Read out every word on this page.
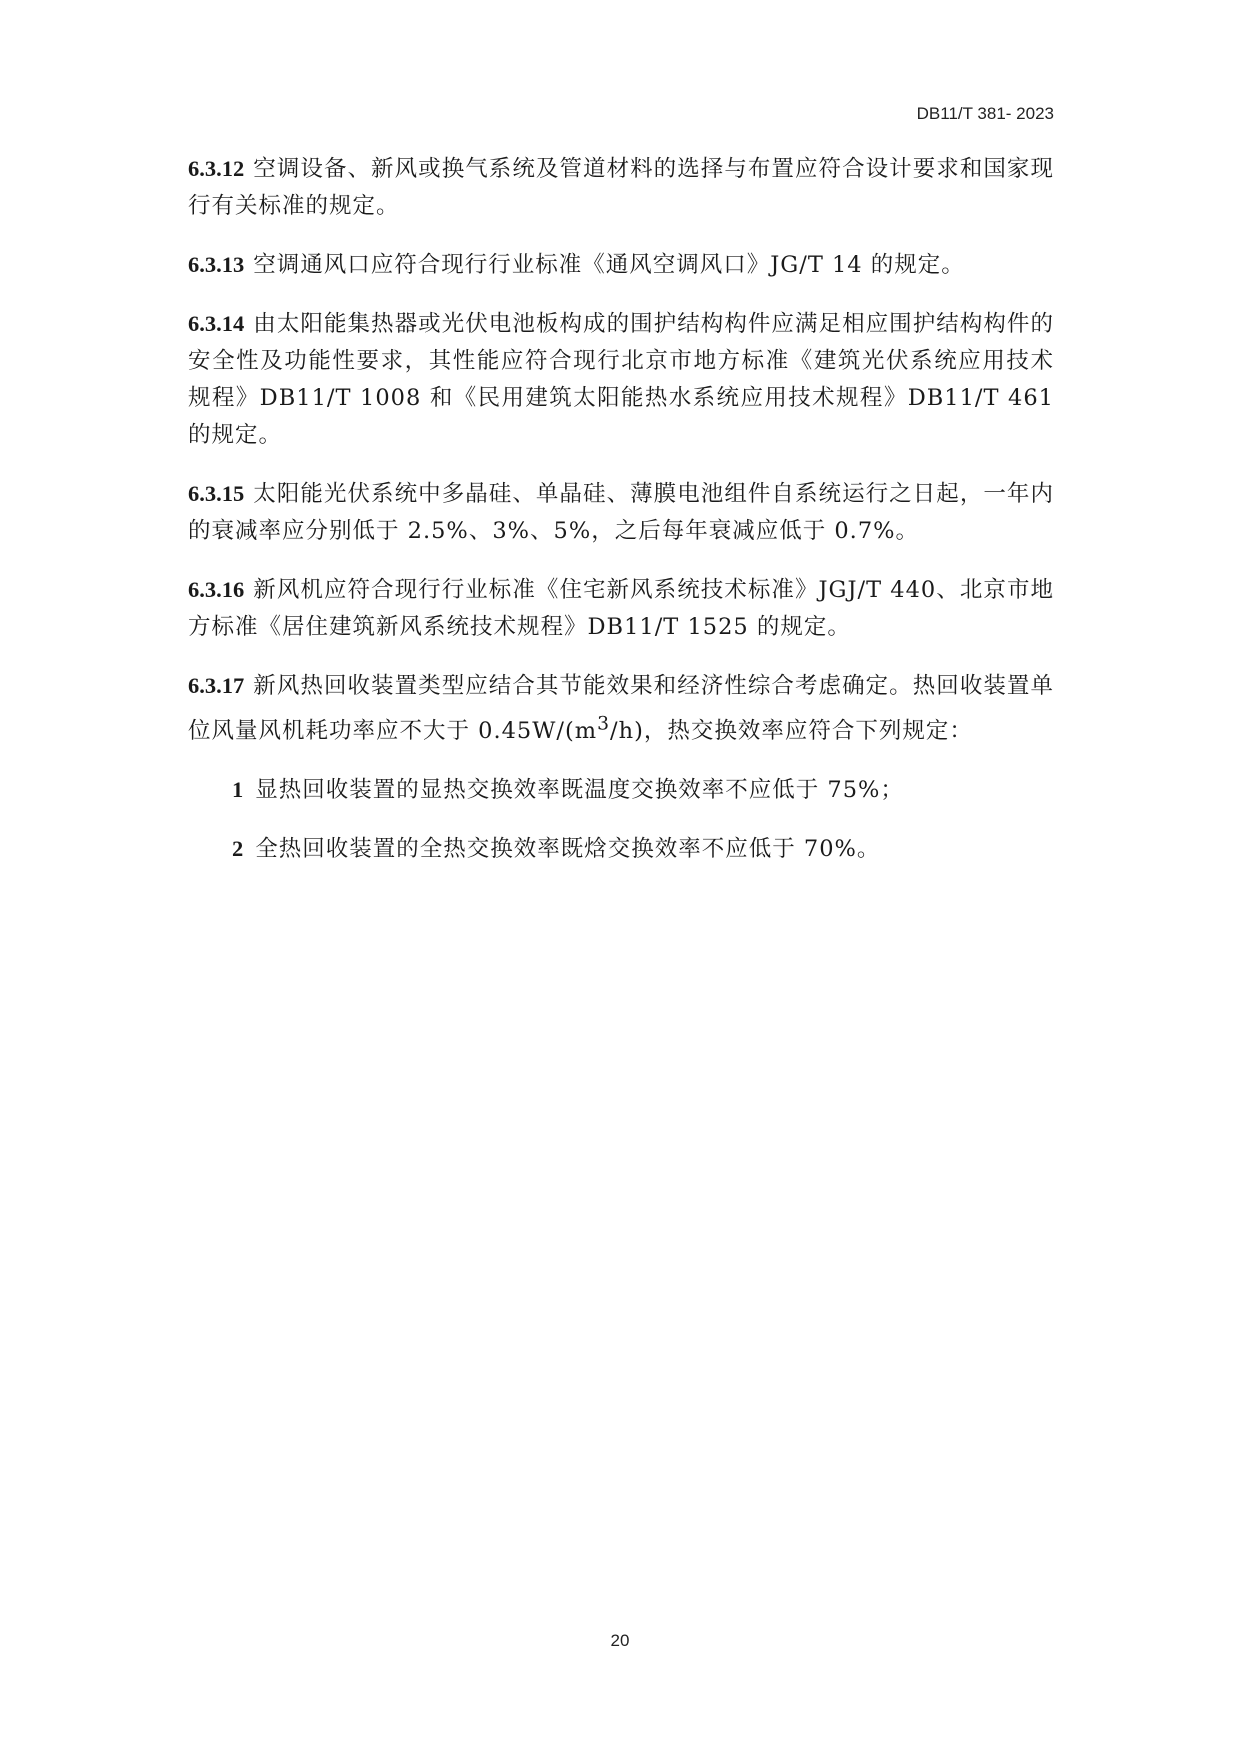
DB11/T 381- 2023

6.3.12 空调设备、新风或换气系统及管道材料的选择与布置应符合设计要求和国家现行有关标准的规定。

6.3.13 空调通风口应符合现行行业标准《通风空调风口》JG/T 14 的规定。

6.3.14 由太阳能集热器或光伏电池板构成的围护结构构件应满足相应围护结构构件的安全性及功能性要求，其性能应符合现行北京市地方标准《建筑光伏系统应用技术规程》DB11/T 1008 和《民用建筑太阳能热水系统应用技术规程》DB11/T 461 的规定。

6.3.15 太阳能光伏系统中多晶硅、单晶硅、薄膜电池组件自系统运行之日起，一年内的衰减率应分别低于 2.5%、3%、5%，之后每年衰减应低于 0.7%。

6.3.16 新风机应符合现行行业标准《住宅新风系统技术标准》JGJ/T 440、北京市地方标准《居住建筑新风系统技术规程》DB11/T 1525 的规定。

6.3.17 新风热回收装置类型应结合其节能效果和经济性综合考虑确定。热回收装置单位风量风机耗功率应不大于 $0.45W/(m^3/h)$，热交换效率应符合下列规定：

1 显热回收装置的显热交换效率既温度交换效率不应低于 75%；

2 全热回收装置的全热交换效率既焓交换效率不应低于 70%。

20
